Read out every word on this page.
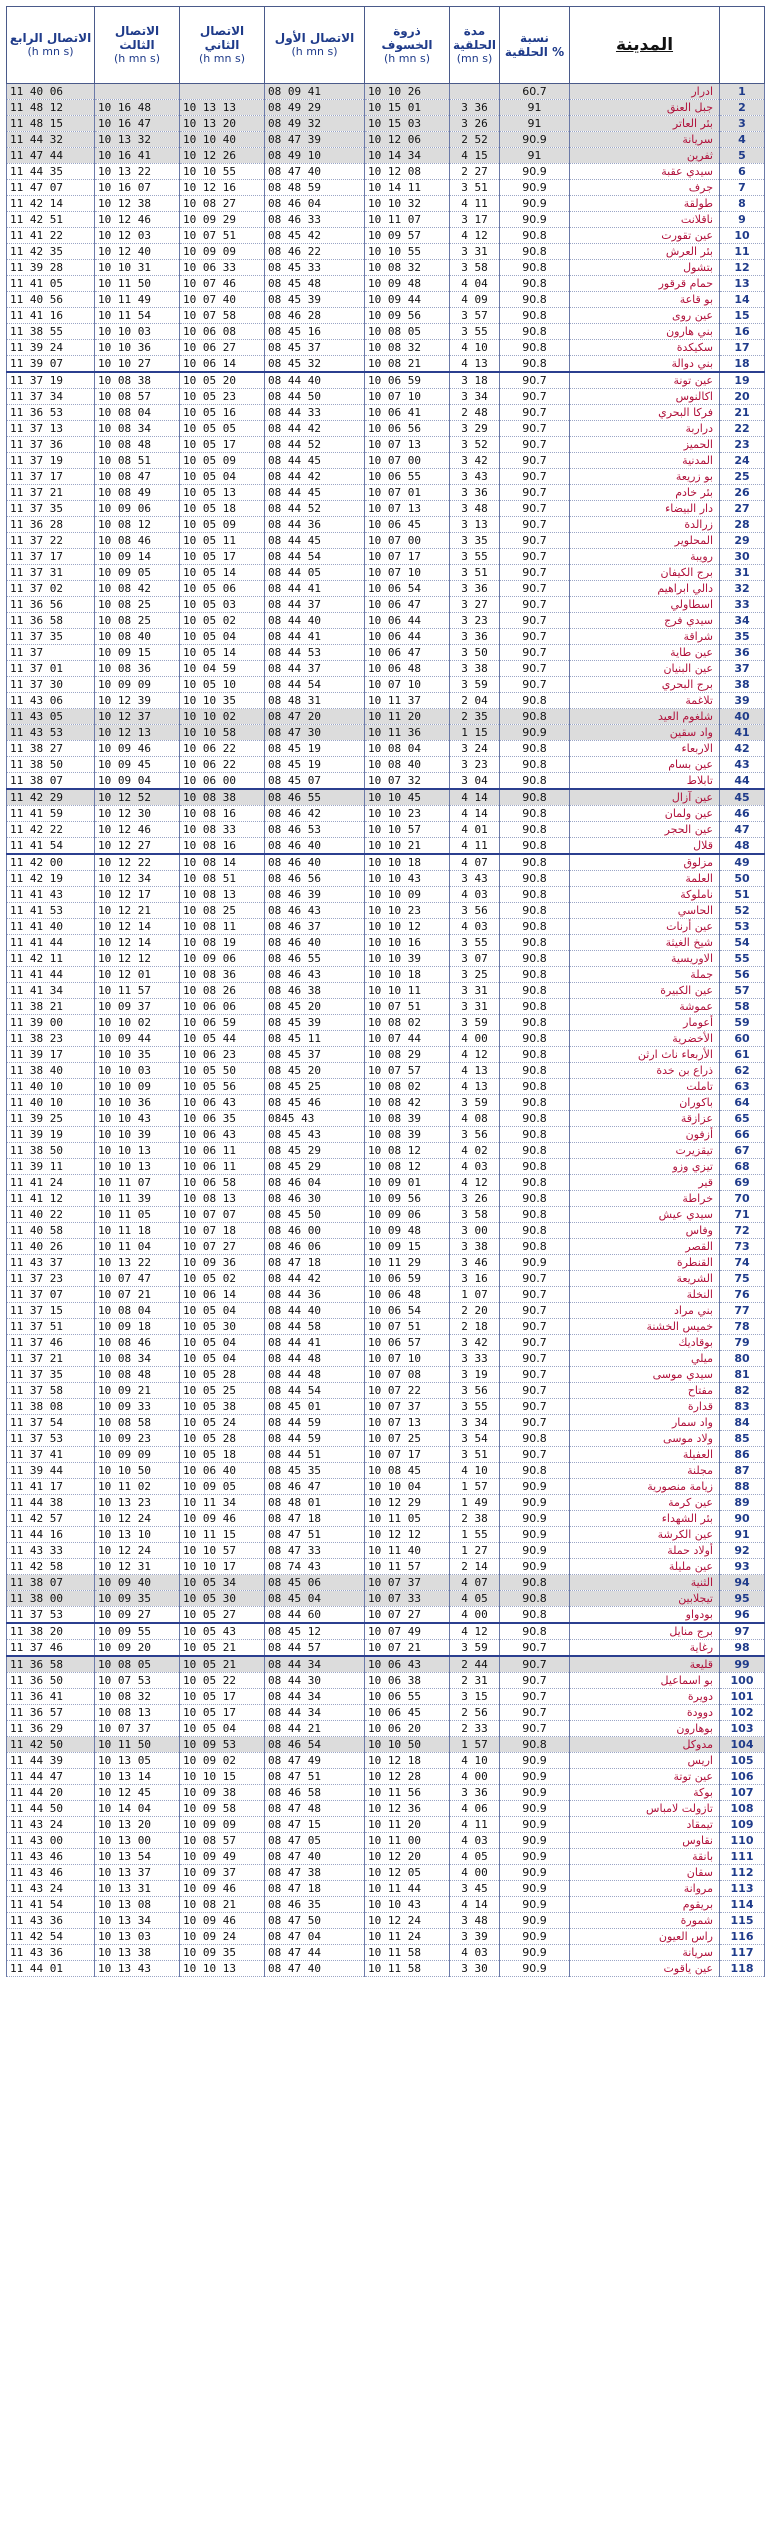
الاتصال الرابع
(h mn s)	الاتصال الثالث
(h mn s)	الاتصال الثاني
(h mn s)	الاتصال الأول
(h mn s)	ذروة الخسوف
(h mn s)	مدة الحلقية
(mn s)	نسبة الحلقية %	المدينة	
11 40 06			08 09 41	10 10 26		60.7	ادرار	1
11 48 12	10 16 48	10 13 13	08 49 29	10 15 01	3 36	91	جبل العنق	2
11 48 15	10 16 47	10 13 20	08 49 32	10 15 03	3 26	91	بئر العاتر	3
11 44 32	10 13 32	10 10 40	08 47 39	10 12 06	2 52	90.9	سريانة	4
11 47 44	10 16 41	10 12 26	08 49 10	10 14 34	4 15	91	ثفرين	5
11 44 35	10 13 22	10 10 55	08 47 40	10 12 08	2 27	90.9	سيدي عقبة	6
11 47 07	10 16 07	10 12 16	08 48 59	10 14 11	3 51	90.9	جرف	7
11 42 14	10 12 38	10 08 27	08 46 04	10 10 32	4 11	90.9	طولقة	8
11 42 51	10 12 46	10 09 29	08 46 33	10 11 07	3 17	90.9	ناقلانت	9
11 41 22	10 12 03	10 07 51	08 45 42	10 09 57	4 12	90.8	عين تقورت	10
11 42 35	10 12 40	10 09 09	08 46 22	10 10 55	3 31	90.8	بئر العرش	11
11 39 28	10 10 31	10 06 33	08 45 33	10 08 32	3 58	90.8	بتشول	12
11 41 05	10 11 50	10 07 46	08 45 48	10 09 48	4 04	90.8	حمام قرقور	13
11 40 56	10 11 49	10 07 40	08 45 39	10 09 44	4 09	90.8	بو قاعة	14
11 41 16	10 11 54	10 07 58	08 46 28	10 09 56	3 57	90.8	عين روى	15
11 38 55	10 10 03	10 06 08	08 45 16	10 08 05	3 55	90.8	بني هارون	16
11 39 24	10 10 36	10 06 27	08 45 37	10 08 32	4 10	90.8	سكيكدة	17
11 39 07	10 10 27	10 06 14	08 45 32	10 08 21	4 13	90.8	بني دوالة	18
11 37 19	10 08 38	10 05 20	08 44 40	10 06 59	3 18	90.7	عين تونة	19
11 37 34	10 08 57	10 05 23	08 44 50	10 07 10	3 34	90.7	اكالنوس	20
11 36 53	10 08 04	10 05 16	08 44 33	10 06 41	2 48	90.7	فركا البحري	21
11 37 13	10 08 34	10 05 05	08 44 42	10 06 56	3 29	90.7	دراربة	22
11 37 36	10 08 48	10 05 17	08 44 52	10 07 13	3 52	90.7	الحميز	23
11 37 19	10 08 51	10 05 09	08 44 45	10 07 00	3 42	90.7	المدنية	24
11 37 17	10 08 47	10 05 04	08 44 42	10 06 55	3 43	90.7	بو زريعة	25
11 37 21	10 08 49	10 05 13	08 44 45	10 07 01	3 36	90.7	بئر خادم	26
11 37 35	10 09 06	10 05 18	08 44 52	10 07 13	3 48	90.7	دار البيضاء	27
11 36 28	10 08 12	10 05 09	08 44 36	10 06 45	3 13	90.7	زرالدة	28
11 37 22	10 08 46	10 05 11	08 44 45	10 07 00	3 35	90.7	المحلوير	29
11 37 17	10 09 14	10 05 17	08 44 54	10 07 17	3 55	90.7	رويبة	30
11 37 31	10 09 05	10 05 14	08 44 05	10 07 10	3 51	90.7	برج الكيفان	31
11 37 02	10 08 42	10 05 06	08 44 41	10 06 54	3 36	90.7	دالي ابراهيم	32
11 36 56	10 08 25	10 05 03	08 44 37	10 06 47	3 27	90.7	اسطاولي	33
11 36 58	10 08 25	10 05 02	08 44 40	10 06 44	3 23	90.7	سيدي فرج	34
11 37 35	10 08 40	10 05 04	08 44 41	10 06 44	3 36	90.7	شراقة	35
11 37	10 09 15	10 05 14	08 44 53	10 06 47	3 50	90.7	عين طاية	36
11 37 01	10 08 36	10 04 59	08 44 37	10 06 48	3 38	90.7	عين البنيان	37
11 37 30	10 09 09	10 05 10	08 44 54	10 07 10	3 59	90.7	برج البحري	38
11 43 06	10 12 39	10 10 35	08 48 31	10 11 37	2 04	90.8	تلاغمة	39
11 43 05	10 12 37	10 10 02	08 47 20	10 11 20	2 35	90.8	شلغوم العيد	40
11 43 53	10 12 13	10 10 58	08 47 30	10 11 36	1 15	90.9	واد سقين	41
11 38 27	10 09 46	10 06 22	08 45 19	10 08 04	3 24	90.8	الاربعاء	42
11 38 50	10 09 45	10 06 22	08 45 19	10 08 40	3 23	90.8	عين بسام	43
11 38 07	10 09 04	10 06 00	08 45 07	10 07 32	3 04	90.8	تابلاط	44
11 42 29	10 12 52	10 08 38	08 46 55	10 10 45	4 14	90.8	عين آزال	45
11 41 59	10 12 30	10 08 16	08 46 42	10 10 23	4 14	90.8	عين ولمان	46
11 42 22	10 12 46	10 08 33	08 46 53	10 10 57	4 01	90.8	عين الحجر	47
11 41 54	10 12 27	10 08 16	08 46 40	10 10 21	4 11	90.8	قلال	48
11 42 00	10 12 22	10 08 14	08 46 40	10 10 18	4 07	90.8	مزلوق	49
11 42 19	10 12 34	10 08 51	08 46 56	10 10 43	3 43	90.8	العلمة	50
11 41 43	10 12 17	10 08 13	08 46 39	10 10 09	4 03	90.8	ناملوكة	51
11 41 53	10 12 21	10 08 25	08 46 43	10 10 23	3 56	90.8	الحاسي	52
11 41 40	10 12 14	10 08 11	08 46 37	10 10 12	4 03	90.8	عين أرنات	53
11 41 44	10 12 14	10 08 19	08 46 40	10 10 16	3 55	90.8	شيخ الغيثة	54
11 42 11	10 12 12	10 09 06	08 46 55	10 10 39	3 07	90.8	الاوريسية	55
11 41 44	10 12 01	10 08 36	08 46 43	10 10 18	3 25	90.8	جملة	56
11 41 34	10 11 57	10 08 26	08 46 38	10 10 11	3 31	90.8	عين الكبيرة	57
11 38 21	10 09 37	10 06 06	08 45 20	10 07 51	3 31	90.8	عموشة	58
11 39 00	10 10 02	10 06 59	08 45 39	10 08 02	3 59	90.8	أعومار	59
11 38 23	10 09 44	10 05 44	08 45 11	10 07 44	4 00	90.8	الأخضرية	60
11 39 17	10 10 35	10 06 23	08 45 37	10 08 29	4 12	90.8	الأربعاء ناث ارثن	61
11 38 40	10 10 03	10 05 50	08 45 20	10 07 57	4 13	90.8	ذراع بن خدة	62
11 40 10	10 10 09	10 05 56	08 45 25	10 08 02	4 13	90.8	تاملت	63
11 40 10	10 10 36	10 06 43	08 45 46	10 08 42	3 59	90.8	باكوران	64
11 39 25	10 10 43	10 06 35	0845 43	10 08 39	4 08	90.8	عزازقة	65
11 39 19	10 10 39	10 06 43	08 45 43	10 08 39	3 56	90.8	أزفون	66
11 38 50	10 10 13	10 06 11	08 45 29	10 08 12	4 02	90.8	تيقزيرت	67
11 39 11	10 10 13	10 06 11	08 45 29	10 08 12	4 03	90.8	تيزي وزو	68
11 41 24	10 11 07	10 06 58	08 46 04	10 09 01	4 12	90.8	قير	69
11 41 12	10 11 39	10 08 13	08 46 30	10 09 56	3 26	90.8	خراطة	70
11 40 22	10 11 05	10 07 07	08 45 50	10 09 06	3 58	90.8	سيدي عيش	71
11 40 58	10 11 18	10 07 18	08 46 00	10 09 48	3 00	90.8	وفاس	72
11 40 26	10 11 04	10 07 27	08 46 06	10 09 15	3 38	90.8	القصر	73
11 43 37	10 13 22	10 09 36	08 47 18	10 11 29	3 46	90.9	القنطرة	74
11 37 23	10 07 47	10 05 02	08 44 42	10 06 59	3 16	90.7	الشريعة	75
11 37 07	10 07 21	10 06 14	08 44 36	10 06 48	1 07	90.7	النخلة	76
11 37 15	10 08 04	10 05 04	08 44 40	10 06 54	2 20	90.7	بني مراد	77
11 37 51	10 09 18	10 05 30	08 44 58	10 07 51	2 18	90.7	خميس الخشنة	78
11 37 46	10 08 46	10 05 04	08 44 41	10 06 57	3 42	90.7	بوقاديك	79
11 37 21	10 08 34	10 05 04	08 44 48	10 07 10	3 33	90.7	ميلي	80
11 37 35	10 08 48	10 05 28	08 44 48	10 07 08	3 19	90.7	سيدي موسى	81
11 37 58	10 09 21	10 05 25	08 44 54	10 07 22	3 56	90.7	مفتاح	82
11 38 08	10 09 33	10 05 38	08 45 01	10 07 37	3 55	90.7	قدارة	83
11 37 54	10 08 58	10 05 24	08 44 59	10 07 13	3 34	90.7	واد سمار	84
11 37 53	10 09 23	10 05 28	08 44 59	10 07 25	3 54	90.8	ولاد موسى	85
11 37 41	10 09 09	10 05 18	08 44 51	10 07 17	3 51	90.7	العفيلة	86
11 39 44	10 10 50	10 06 40	08 45 35	10 08 45	4 10	90.8	مجلنة	87
11 41 17	10 11 02	10 09 05	08 46 47	10 10 04	1 57	90.9	زيامة منصورية	88
11 44 38	10 13 23	10 11 34	08 48 01	10 12 29	1 49	90.9	عين كرمة	89
11 42 57	10 12 24	10 09 46	08 47 18	10 11 05	2 38	90.9	بئر الشهداء	90
11 44 16	10 13 10	10 11 15	08 47 51	10 12 12	1 55	90.9	عين الكرشة	91
11 43 33	10 12 24	10 10 57	08 47 33	10 11 40	1 27	90.9	أولاد حملة	92
11 42 58	10 12 31	10 10 17	08 74 43	10 11 57	2 14	90.9	عين مليلة	93
11 38 07	10 09 40	10 05 34	08 45 06	10 07 37	4 07	90.8	الثنية	94
11 38 00	10 09 35	10 05 30	08 45 04	10 07 33	4 05	90.8	تيجلابين	95
11 37 53	10 09 27	10 05 27	08 44 60	10 07 27	4 00	90.8	بودواو	96
11 38 20	10 09 55	10 05 43	08 45 12	10 07 49	4 12	90.8	برج منايل	97
11 37 46	10 09 20	10 05 21	08 44 57	10 07 21	3 59	90.7	رغاية	98
11 36 58	10 08 05	10 05 21	08 44 34	10 06 43	2 44	90.7	قليعة	99
11 36 50	10 07 53	10 05 22	08 44 30	10 06 38	2 31	90.7	بو اسماعيل	100
11 36 41	10 08 32	10 05 17	08 44 34	10 06 55	3 15	90.7	دويرة	101
11 36 57	10 08 13	10 05 17	08 44 34	10 06 45	2 56	90.7	دوودة	102
11 36 29	10 07 37	10 05 04	08 44 21	10 06 20	2 33	90.7	بوهارون	103
11 42 50	10 11 50	10 09 53	08 46 54	10 10 50	1 57	90.8	مدوكل	104
11 44 39	10 13 05	10 09 02	08 47 49	10 12 18	4 10	90.9	اريس	105
11 44 47	10 13 14	10 10 15	08 47 51	10 12 28	4 00	90.9	عين توتة	106
11 44 20	10 12 45	10 09 38	08 46 58	10 11 56	3 36	90.9	بوكة	107
11 44 50	10 14 04	10 09 58	08 47 48	10 12 36	4 06	90.9	تازولت لامباس	108
11 43 24	10 13 20	10 09 09	08 47 15	10 11 20	4 11	90.9	تيمقاد	109
11 43 00	10 13 00	10 08 57	08 47 05	10 11 00	4 03	90.9	نقاوس	110
11 43 46	10 13 54	10 09 49	08 47 40	10 12 20	4 05	90.9	بانقة	111
11 43 46	10 13 37	10 09 37	08 47 38	10 12 05	4 00	90.9	سقان	112
11 43 24	10 13 31	10 09 46	08 47 18	10 11 44	3 45	90.9	مروانة	113
11 41 54	10 13 08	10 08 21	08 46 35	10 10 43	4 14	90.9	بريقوم	114
11 43 36	10 13 34	10 09 46	08 47 50	10 12 24	3 48	90.9	شمورة	115
11 42 54	10 13 03	10 09 24	08 47 04	10 11 24	3 39	90.9	راس العيون	116
11 43 36	10 13 38	10 09 35	08 47 44	10 11 58	4 03	90.9	سريانة	117
11 44 01	10 13 43	10 10 13	08 47 40	10 11 58	3 30	90.9	عين ياقوت	118
